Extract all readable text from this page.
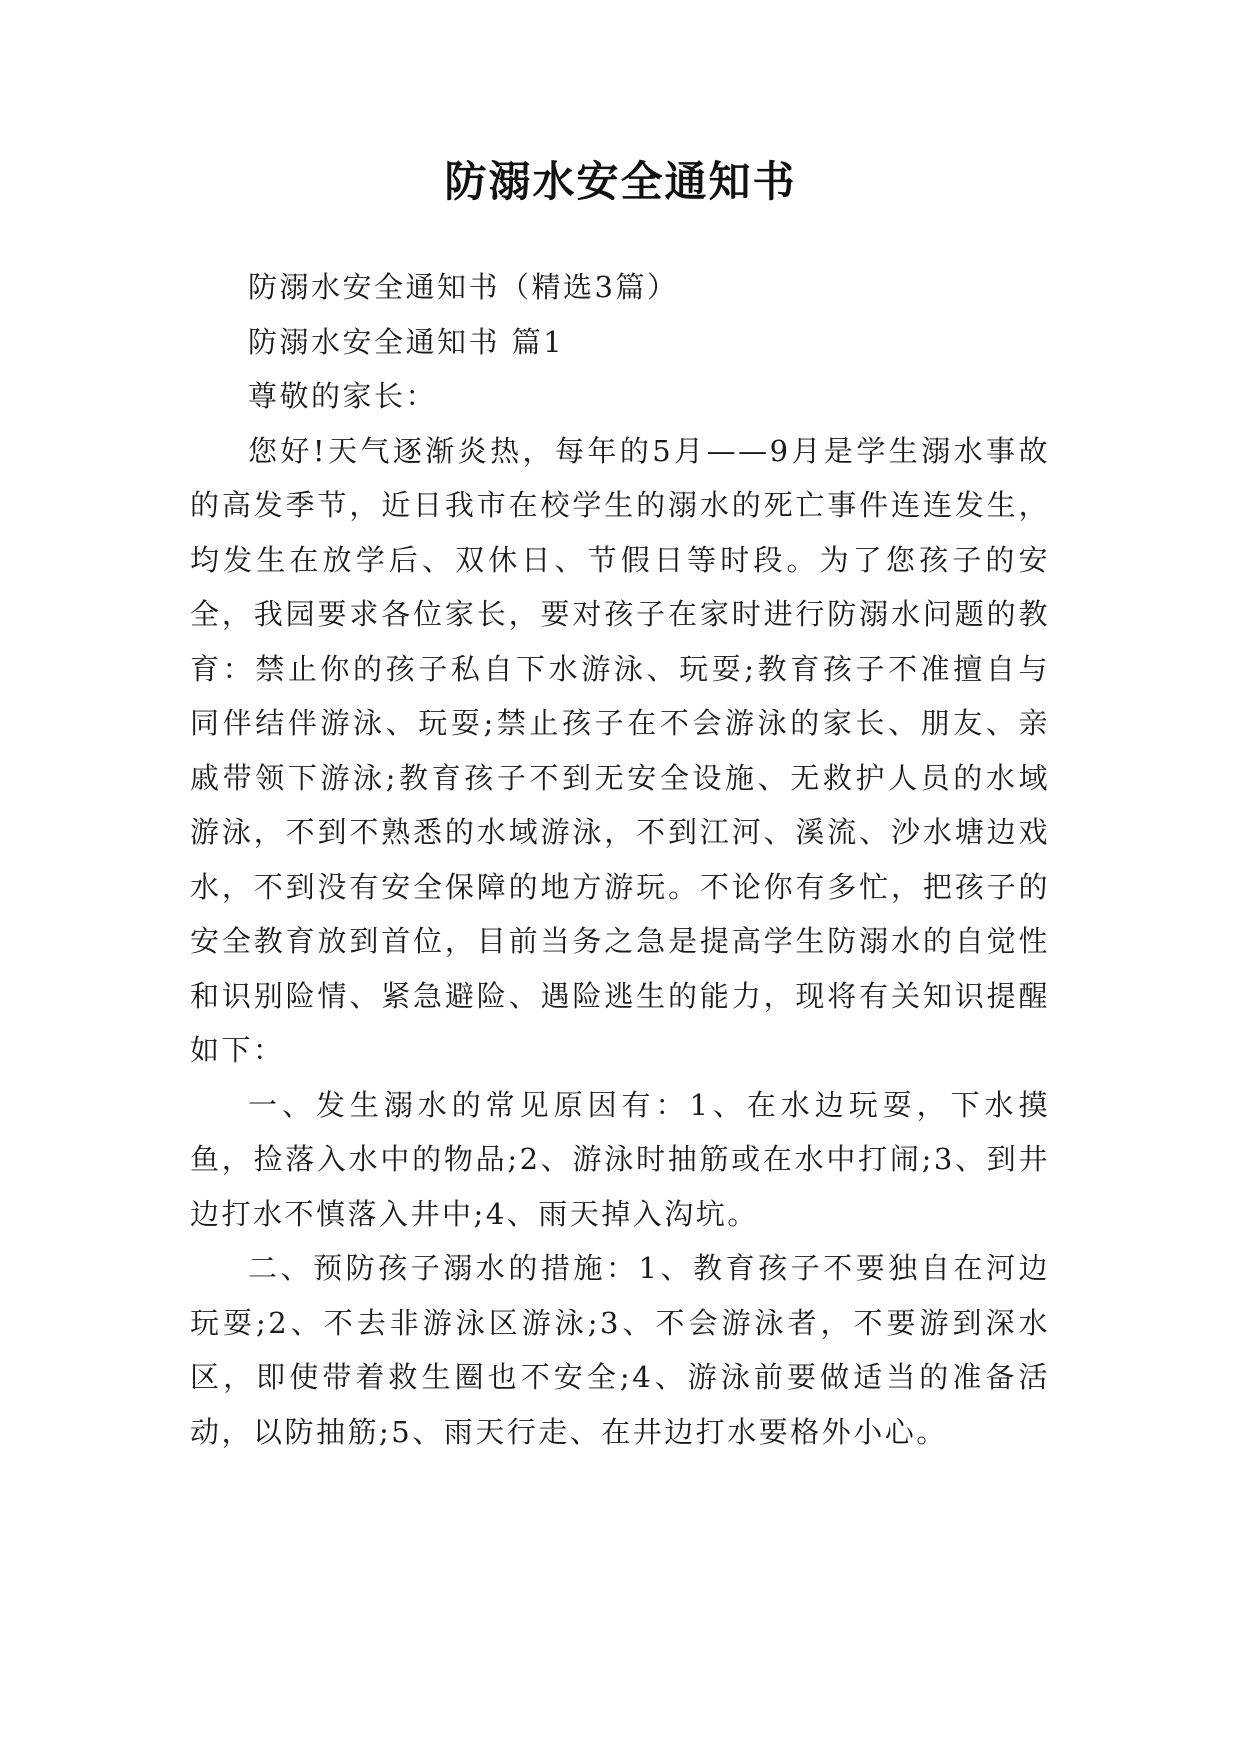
防溺水安全通知书

防溺水安全通知书（精选3篇）

防溺水安全通知书 篇1

尊敬的家长：

您好!天气逐渐炎热，每年的5月——9月是学生溺水事故的高发季节，近日我市在校学生的溺水的死亡事件连连发生，均发生在放学后、双休日、节假日等时段。为了您孩子的安全，我园要求各位家长，要对孩子在家时进行防溺水问题的教育：禁止你的孩子私自下水游泳、玩耍;教育孩子不准擅自与同伴结伴游泳、玩耍;禁止孩子在不会游泳的家长、朋友、亲戚带领下游泳;教育孩子不到无安全设施、无救护人员的水域游泳，不到不熟悉的水域游泳，不到江河、溪流、沙水塘边戏水，不到没有安全保障的地方游玩。不论你有多忙，把孩子的安全教育放到首位，目前当务之急是提高学生防溺水的自觉性和识别险情、紧急避险、遇险逃生的能力，现将有关知识提醒如下：

一、发生溺水的常见原因有：1、在水边玩耍，下水摸鱼，捡落入水中的物品;2、游泳时抽筋或在水中打闹;3、到井边打水不慎落入井中;4、雨天掉入沟坑。

二、预防孩子溺水的措施：1、教育孩子不要独自在河边玩耍;2、不去非游泳区游泳;3、不会游泳者，不要游到深水区，即使带着救生圈也不安全;4、游泳前要做适当的准备活动，以防抽筋;5、雨天行走、在井边打水要格外小心。
